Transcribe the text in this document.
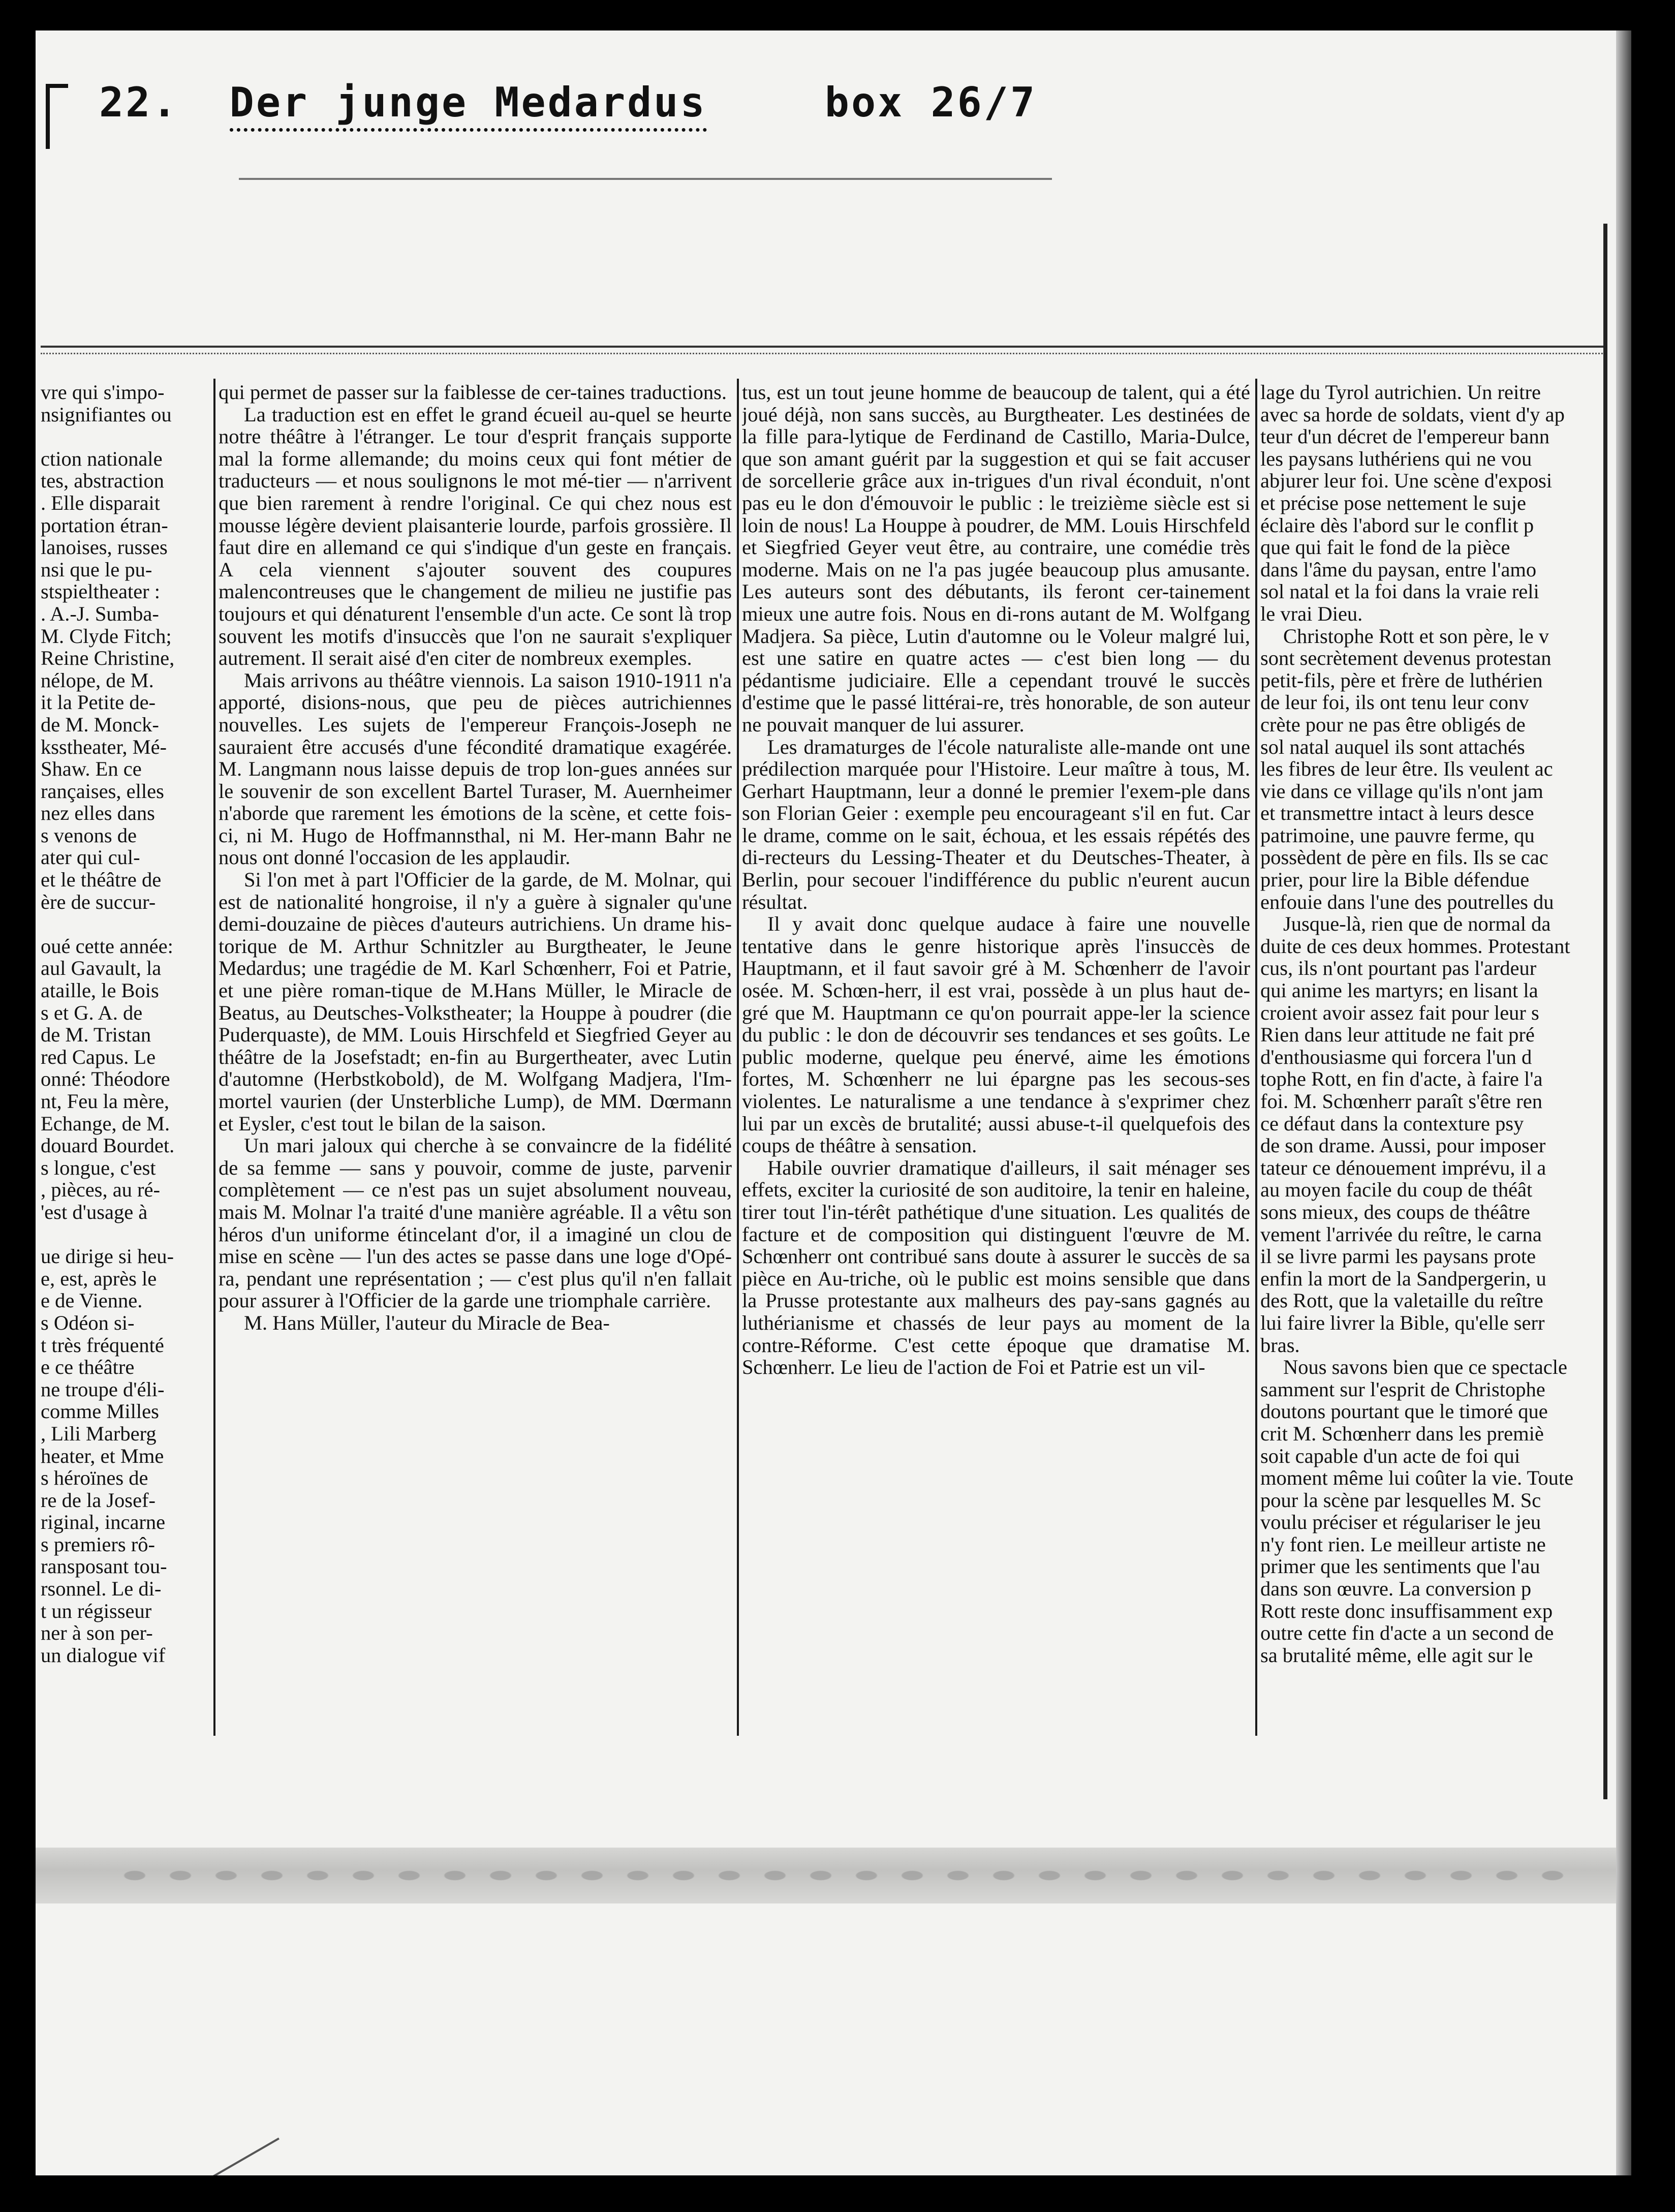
22. Der junge Medardus	box 26/7

vre qui s'impo-

nsignifiantes ou

ction nationale

tes, abstraction

. Elle disparait

portation étran-

lanoises, russes

nsi que le pu-

stspieltheater :

. A.-J. Sumba-

M. Clyde Fitch;

Reine Christine,

nélope, de M.

it la Petite de-

de M. Monck-

ksstheater, Mé-

Shaw. En ce

rançaises, elles

nez elles dans

s venons de

ater qui cul-

et le théâtre de

ère de succur-

oué cette année:

aul Gavault, la

ataille, le Bois

s et G. A. de

de M. Tristan

red Capus. Le

onné: Théodore

nt, Feu la mère,

Echange, de M.

douard Bourdet.

s longue, c'est

, pièces, au ré-

'est d'usage à

ue dirige si heu-

e, est, après le

e de Vienne.

s Odéon si-

t très fréquenté

e ce théâtre

ne troupe d'éli-

comme Milles

, Lili Marberg

heater, et Mme

s héroïnes de

re de la Josef-

riginal, incarne

s premiers rô-

ransposant tou-

rsonnel. Le di-

t un régisseur

ner à son per-

un dialogue vif

qui permet de passer sur la faiblesse de cer-taines traductions.

La traduction est en effet le grand écueil au-quel se heurte notre théâtre à l'étranger. Le tour d'esprit français supporte mal la forme allemande; du moins ceux qui font métier de traducteurs — et nous soulignons le mot mé-tier — n'arrivent que bien rarement à rendre l'original. Ce qui chez nous est mousse légère devient plaisanterie lourde, parfois grossière. Il faut dire en allemand ce qui s'indique d'un geste en français. A cela viennent s'ajouter souvent des coupures malencontreuses que le changement de milieu ne justifie pas toujours et qui dénaturent l'ensemble d'un acte. Ce sont là trop souvent les motifs d'insuccès que l'on ne saurait s'expliquer autrement. Il serait aisé d'en citer de nombreux exemples.

Mais arrivons au théâtre viennois. La saison 1910-1911 n'a apporté, disions-nous, que peu de pièces autrichiennes nouvelles. Les sujets de l'empereur François-Joseph ne sauraient être accusés d'une fécondité dramatique exagérée. M. Langmann nous laisse depuis de trop lon-gues années sur le souvenir de son excellent Bartel Turaser, M. Auernheimer n'aborde que rarement les émotions de la scène, et cette fois-ci, ni M. Hugo de Hoffmannsthal, ni M. Her-mann Bahr ne nous ont donné l'occasion de les applaudir.

Si l'on met à part l'Officier de la garde, de M. Molnar, qui est de nationalité hongroise, il n'y a guère à signaler qu'une demi-douzaine de pièces d'auteurs autrichiens. Un drame his-torique de M. Arthur Schnitzler au Burgtheater, le Jeune Medardus; une tragédie de M. Karl Schœnherr, Foi et Patrie, et une pière roman-tique de M.Hans Müller, le Miracle de Beatus, au Deutsches-Volkstheater; la Houppe à poudrer (die Puderquaste), de MM. Louis Hirschfeld et Siegfried Geyer au théâtre de la Josefstadt; en-fin au Burgertheater, avec Lutin d'automne (Herbstkobold), de M. Wolfgang Madjera, l'Im-mortel vaurien (der Unsterbliche Lump), de MM. Dœrmann et Eysler, c'est tout le bilan de la saison.

Un mari jaloux qui cherche à se convaincre de la fidélité de sa femme — sans y pouvoir, comme de juste, parvenir complètement — ce n'est pas un sujet absolument nouveau, mais M. Molnar l'a traité d'une manière agréable. Il a vêtu son héros d'un uniforme étincelant d'or, il a imaginé un clou de mise en scène — l'un des actes se passe dans une loge d'Opé-ra, pendant une représentation ; — c'est plus qu'il n'en fallait pour assurer à l'Officier de la garde une triomphale carrière.

M. Hans Müller, l'auteur du Miracle de Bea-

tus, est un tout jeune homme de beaucoup de talent, qui a été joué déjà, non sans succès, au Burgtheater. Les destinées de la fille para-lytique de Ferdinand de Castillo, Maria-Dulce, que son amant guérit par la suggestion et qui se fait accuser de sorcellerie grâce aux in-trigues d'un rival éconduit, n'ont pas eu le don d'émouvoir le public : le treizième siècle est si loin de nous! La Houppe à poudrer, de MM. Louis Hirschfeld et Siegfried Geyer veut être, au contraire, une comédie très moderne. Mais on ne l'a pas jugée beaucoup plus amusante. Les auteurs sont des débutants, ils feront cer-tainement mieux une autre fois. Nous en di-rons autant de M. Wolfgang Madjera. Sa pièce, Lutin d'automne ou le Voleur malgré lui, est une satire en quatre actes — c'est bien long — du pédantisme judiciaire. Elle a cependant trouvé le succès d'estime que le passé littérai-re, très honorable, de son auteur ne pouvait manquer de lui assurer.

Les dramaturges de l'école naturaliste alle-mande ont une prédilection marquée pour l'Histoire. Leur maître à tous, M. Gerhart Hauptmann, leur a donné le premier l'exem-ple dans son Florian Geier : exemple peu encourageant s'il en fut. Car le drame, comme on le sait, échoua, et les essais répétés des di-recteurs du Lessing-Theater et du Deutsches-Theater, à Berlin, pour secouer l'indifférence du public n'eurent aucun résultat.

Il y avait donc quelque audace à faire une nouvelle tentative dans le genre historique après l'insuccès de Hauptmann, et il faut savoir gré à M. Schœnherr de l'avoir osée. M. Schœn-herr, il est vrai, possède à un plus haut de-gré que M. Hauptmann ce qu'on pourrait appe-ler la science du public : le don de découvrir ses tendances et ses goûts. Le public moderne, quelque peu énervé, aime les émotions fortes, M. Schœnherr ne lui épargne pas les secous-ses violentes. Le naturalisme a une tendance à s'exprimer chez lui par un excès de brutalité; aussi abuse-t-il quelquefois des coups de théâtre à sensation.

Habile ouvrier dramatique d'ailleurs, il sait ménager ses effets, exciter la curiosité de son auditoire, la tenir en haleine, tirer tout l'in-térêt pathétique d'une situation. Les qualités de facture et de composition qui distinguent l'œuvre de M. Schœnherr ont contribué sans doute à assurer le succès de sa pièce en Au-triche, où le public est moins sensible que dans la Prusse protestante aux malheurs des pay-sans gagnés au luthérianisme et chassés de leur pays au moment de la contre-Réforme. C'est cette époque que dramatise M. Schœnherr. Le lieu de l'action de Foi et Patrie est un vil-

lage du Tyrol autrichien. Un reitre

avec sa horde de soldats, vient d'y ap

teur d'un décret de l'empereur bann

les paysans luthériens qui ne vou

abjurer leur foi. Une scène d'exposi

et précise pose nettement le suje

éclaire dès l'abord sur le conflit p

que qui fait le fond de la pièce

dans l'âme du paysan, entre l'amo

sol natal et la foi dans la vraie reli

le vrai Dieu.

Christophe Rott et son père, le v

sont secrètement devenus protestan

petit-fils, père et frère de luthérien

de leur foi, ils ont tenu leur conv

crète pour ne pas être obligés de

sol natal auquel ils sont attachés

les fibres de leur être. Ils veulent ac

vie dans ce village qu'ils n'ont jam

et transmettre intact à leurs desce

patrimoine, une pauvre ferme, qu

possèdent de père en fils. Ils se cac

prier, pour lire la Bible défendue

enfouie dans l'une des poutrelles du

Jusque-là, rien que de normal da

duite de ces deux hommes. Protestant

cus, ils n'ont pourtant pas l'ardeur

qui anime les martyrs; en lisant la

croient avoir assez fait pour leur s

Rien dans leur attitude ne fait pré

d'enthousiasme qui forcera l'un d

tophe Rott, en fin d'acte, à faire l'a

foi. M. Schœnherr paraît s'être ren

ce défaut dans la contexture psy

de son drame. Aussi, pour imposer

tateur ce dénouement imprévu, il a

au moyen facile du coup de théât

sons mieux, des coups de théâtre

vement l'arrivée du reître, le carna

il se livre parmi les paysans prote

enfin la mort de la Sandpergerin, u

des Rott, que la valetaille du reître

lui faire livrer la Bible, qu'elle serr

bras.

Nous savons bien que ce spectacle

samment sur l'esprit de Christophe

doutons pourtant que le timoré que

crit M. Schœnherr dans les premiè

soit capable d'un acte de foi qui

moment même lui coûter la vie. Toute

pour la scène par lesquelles M. Sc

voulu préciser et régulariser le jeu

n'y font rien. Le meilleur artiste ne

primer que les sentiments que l'au

dans son œuvre. La conversion p

Rott reste donc insuffisamment exp

outre cette fin d'acte a un second de

sa brutalité même, elle agit sur le
